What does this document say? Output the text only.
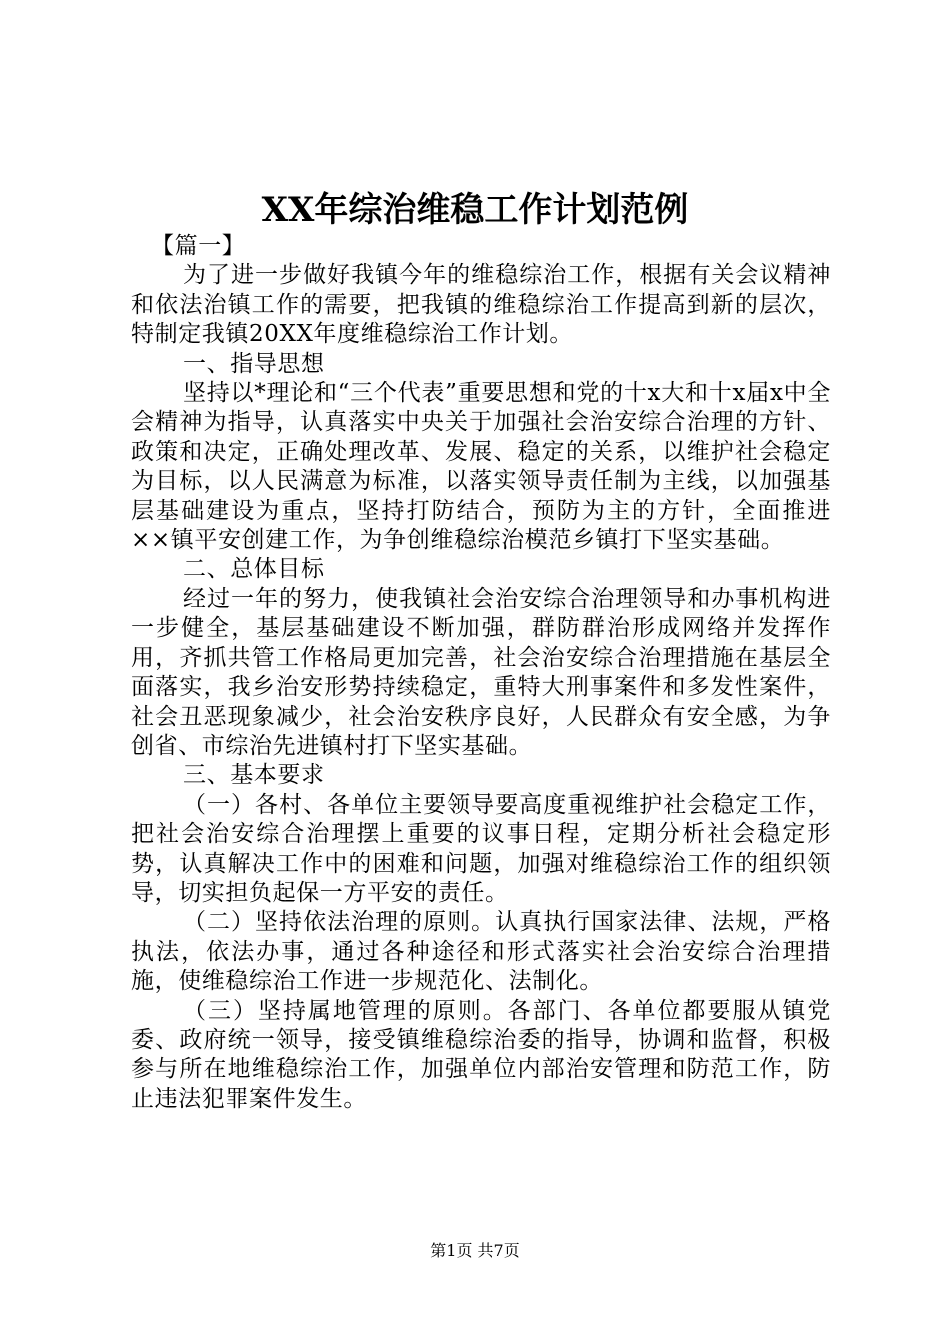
XX年综治维稳工作计划范例

【篇一】

为了进一步做好我镇今年的维稳综治工作，根据有关会议精神和依法治镇工作的需要，把我镇的维稳综治工作提高到新的层次，特制定我镇20XX年度维稳综治工作计划。

一、指导思想

坚持以*理论和“三个代表”重要思想和党的十x大和十x届x中全会精神为指导，认真落实中央关于加强社会治安综合治理的方针、政策和决定，正确处理改革、发展、稳定的关系，以维护社会稳定为目标，以人民满意为标准，以落实领导责任制为主线，以加强基层基础建设为重点，坚持打防结合，预防为主的方针，全面推进××镇平安创建工作，为争创维稳综治模范乡镇打下坚实基础。

二、总体目标

经过一年的努力，使我镇社会治安综合治理领导和办事机构进一步健全，基层基础建设不断加强，群防群治形成网络并发挥作用，齐抓共管工作格局更加完善，社会治安综合治理措施在基层全面落实，我乡治安形势持续稳定，重特大刑事案件和多发性案件，社会丑恶现象减少，社会治安秩序良好，人民群众有安全感，为争创省、市综治先进镇村打下坚实基础。

三、基本要求

（一）各村、各单位主要领导要高度重视维护社会稳定工作，把社会治安综合治理摆上重要的议事日程，定期分析社会稳定形势，认真解决工作中的困难和问题，加强对维稳综治工作的组织领导，切实担负起保一方平安的责任。

（二）坚持依法治理的原则。认真执行国家法律、法规，严格执法，依法办事，通过各种途径和形式落实社会治安综合治理措施，使维稳综治工作进一步规范化、法制化。

（三）坚持属地管理的原则。各部门、各单位都要服从镇党委、政府统一领导，接受镇维稳综治委的指导，协调和监督，积极参与所在地维稳综治工作，加强单位内部治安管理和防范工作，防止违法犯罪案件发生。

第1页 共7页
